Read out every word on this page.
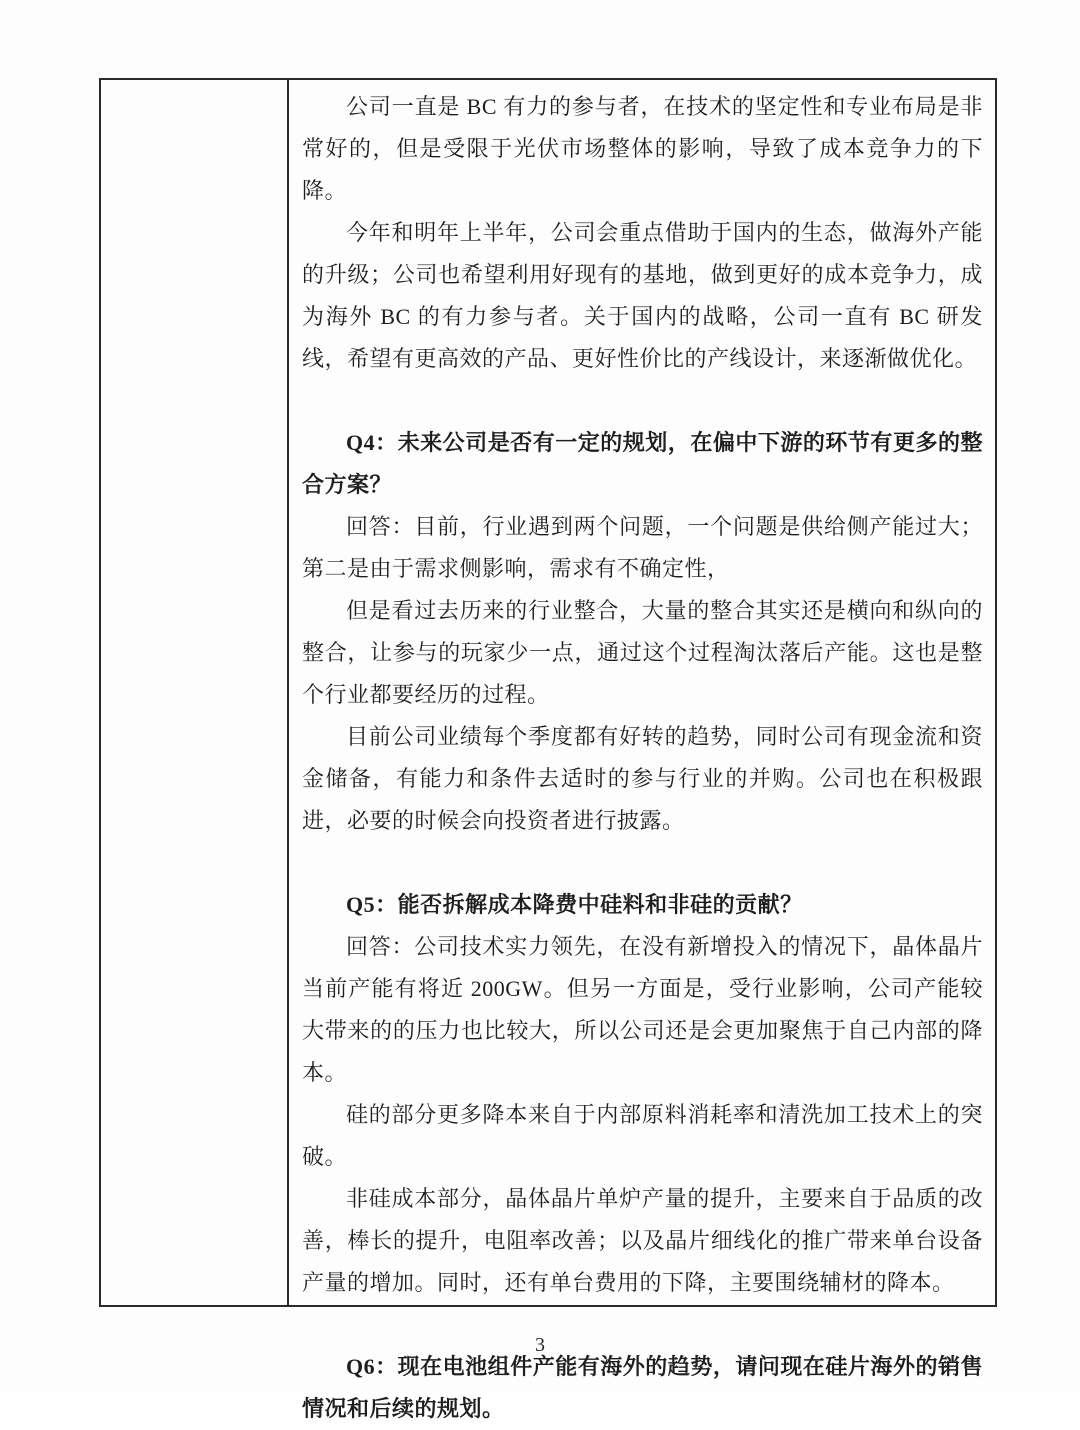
公司一直是 BC 有力的参与者，在技术的坚定性和专业布局是非常好的，但是受限于光伏市场整体的影响，导致了成本竞争力的下降。
今年和明年上半年，公司会重点借助于国内的生态，做海外产能的升级；公司也希望利用好现有的基地，做到更好的成本竞争力，成为海外 BC 的有力参与者。关于国内的战略，公司一直有 BC 研发线，希望有更高效的产品、更好性价比的产线设计，来逐渐做优化。
Q4：未来公司是否有一定的规划，在偏中下游的环节有更多的整合方案？
回答：目前，行业遇到两个问题，一个问题是供给侧产能过大；第二是由于需求侧影响，需求有不确定性，
但是看过去历来的行业整合，大量的整合其实还是横向和纵向的整合，让参与的玩家少一点，通过这个过程淘汰落后产能。这也是整个行业都要经历的过程。
目前公司业绩每个季度都有好转的趋势，同时公司有现金流和资金储备，有能力和条件去适时的参与行业的并购。公司也在积极跟进，必要的时候会向投资者进行披露。
Q5：能否拆解成本降费中硅料和非硅的贡献？
回答：公司技术实力领先，在没有新增投入的情况下，晶体晶片当前产能有将近 200GW。但另一方面是，受行业影响，公司产能较大带来的的压力也比较大，所以公司还是会更加聚焦于自己内部的降本。
硅的部分更多降本来自于内部原料消耗率和清洗加工技术上的突破。
非硅成本部分，晶体晶片单炉产量的提升，主要来自于品质的改善，棒长的提升，电阻率改善；以及晶片细线化的推广带来单台设备产量的增加。同时，还有单台费用的下降，主要围绕辅材的降本。
Q6：现在电池组件产能有海外的趋势，请问现在硅片海外的销售情况和后续的规划。
3
